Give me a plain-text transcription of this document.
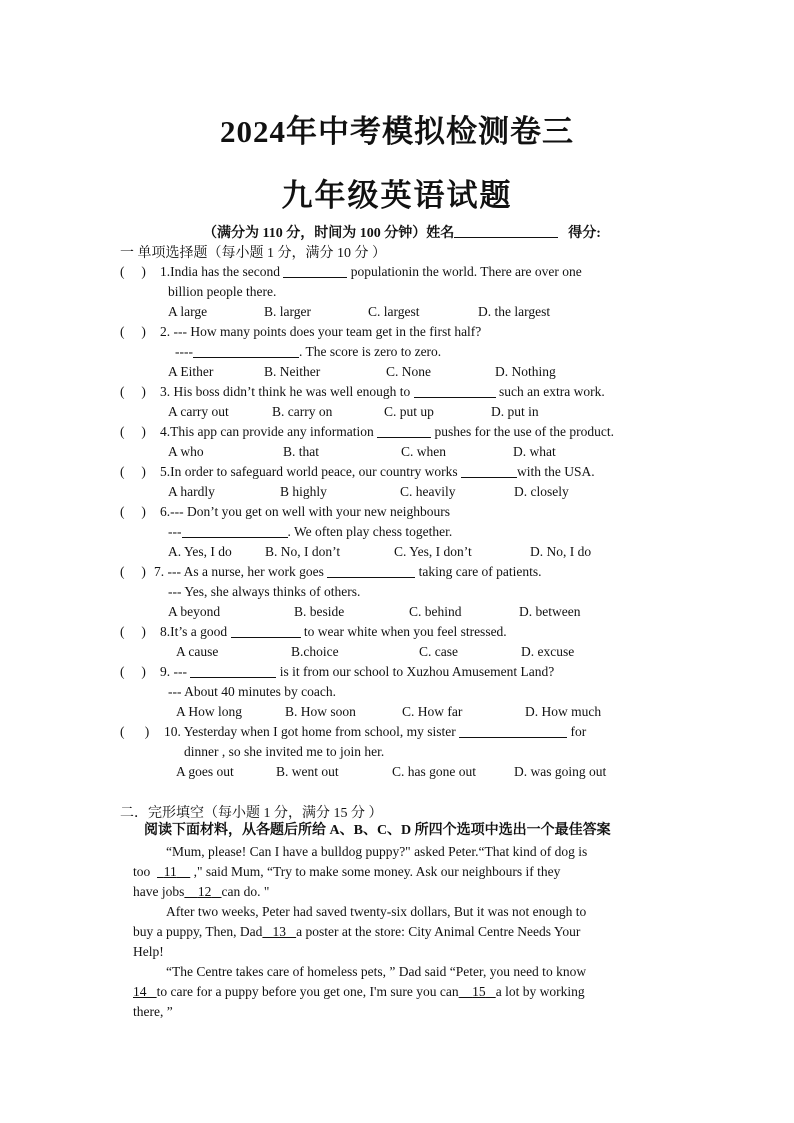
2024年中考模拟检测卷三
九年级英语试题
（满分为 110 分，时间为 100 分钟）姓名	得分:
一 单项选择题（每小题 1 分，满分 10 分 ）
(     ) 1.India has the second	populationin the world. There are over one
billion people there.
A large	B. larger	C. largest	D. the largest
(     ) 2. --- How many points does your team get in the first half?
----	. The score is zero to zero.
A Either	B. Neither	C. None	D. Nothing
(     ) 3. His boss didn’t think he was well enough to	such an extra work.
A carry out	B. carry on	C. put up	D. put in
(     ) 4.This app can provide any information	pushes for the use of the product.
A who	B. that	C. when	D. what
(     ) 5.In order to safeguard world peace, our country works	with the USA.
A hardly	B highly	C. heavily	D. closely
(     ) 6.--- Don’t you get on well with your new neighbours
---	. We often play chess together.
A. Yes, I do B. No, I don’t	C. Yes, I don’t	D. No, I do
(     ) 7. --- As a nurse, her work goes	taking care of patients.
--- Yes, she always thinks of others.
A beyond	B. beside	C. behind	D. between
(     ) 8.It’s a good	to wear white when you feel stressed.
A cause	B.choice	C. case	D. excuse
(     ) 9. ---	is it from our school to Xuzhou Amusement Land?
--- About 40 minutes by coach.
A How long	B. How soon	C. How far	D. How much
(      ) 10. Yesterday when I got home from school, my sister	for
dinner , so she invited me to join her.
A goes out	B. went out	C. has gone out	D. was going out
二．完形填空（每小题 1 分，满分 15 分 ）
阅读下面材料，从各题后所给 A、B、C、D 所四个选项中选出一个最佳答案
“Mum, please! Can I have a bulldog puppy?" asked Peter.“That kind of dog is
too 11 ," said Mum, “Try to make some money. Ask our neighbours if they
have jobs 12 can do. "
After two weeks, Peter had saved twenty-six dollars, But it was not enough to
buy a puppy, Then, Dad 13 a poster at the store: City Animal Centre Needs Your
Help!
“The Centre takes care of homeless pets, ” Dad said “Peter, you need to know
14 to care for a puppy before you get one, I'm sure you can 15 a lot by working
there, ”
